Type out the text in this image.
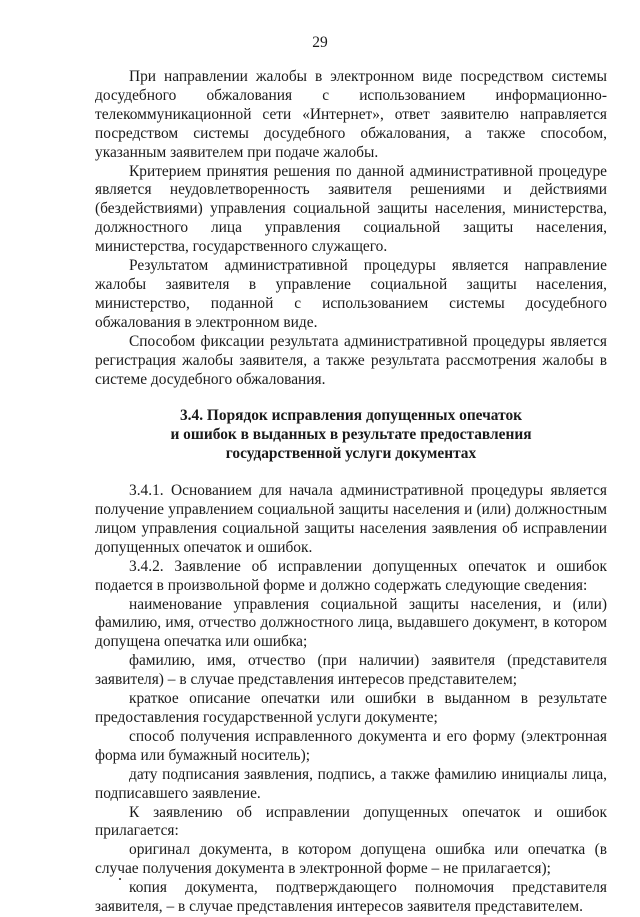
29

При направлении жалобы в электронном виде посредством системы досудебного обжалования с использованием информационно-телекоммуникационной сети «Интернет», ответ заявителю направляется посредством системы досудебного обжалования, а также способом, указанным заявителем при подаче жалобы.

Критерием принятия решения по данной административной процедуре является неудовлетворенность заявителя решениями и действиями (бездействиями) управления социальной защиты населения, министерства, должностного лица управления социальной защиты населения, министерства, государственного служащего.

Результатом административной процедуры является направление жалобы заявителя в управление социальной защиты населения, министерство, поданной с использованием системы досудебного обжалования в электронном виде.

Способом фиксации результата административной процедуры является регистрация жалобы заявителя, а также результата рассмотрения жалобы в системе досудебного обжалования.

3.4. Порядок исправления допущенных опечаток
и ошибок в выданных в результате предоставления
государственной услуги документах

3.4.1. Основанием для начала административной процедуры является получение управлением социальной защиты населения и (или) должностным лицом управления социальной защиты населения заявления об исправлении допущенных опечаток и ошибок.

3.4.2. Заявление об исправлении допущенных опечаток и ошибок подается в произвольной форме и должно содержать следующие сведения:

наименование управления социальной защиты населения, и (или) фамилию, имя, отчество должностного лица, выдавшего документ, в котором допущена опечатка или ошибка;

фамилию, имя, отчество (при наличии) заявителя (представителя заявителя) – в случае представления интересов представителем;

краткое описание опечатки или ошибки в выданном в результате предоставления государственной услуги документе;

способ получения исправленного документа и его форму (электронная форма или бумажный носитель);

дату подписания заявления, подпись, а также фамилию инициалы лица, подписавшего заявление.

К заявлению об исправлении допущенных опечаток и ошибок прилагается:

оригинал документа, в котором допущена ошибка или опечатка (в случае получения документа в электронной форме – не прилагается);

копия документа, подтверждающего полномочия представителя заявителя, – в случае представления интересов заявителя представителем.
